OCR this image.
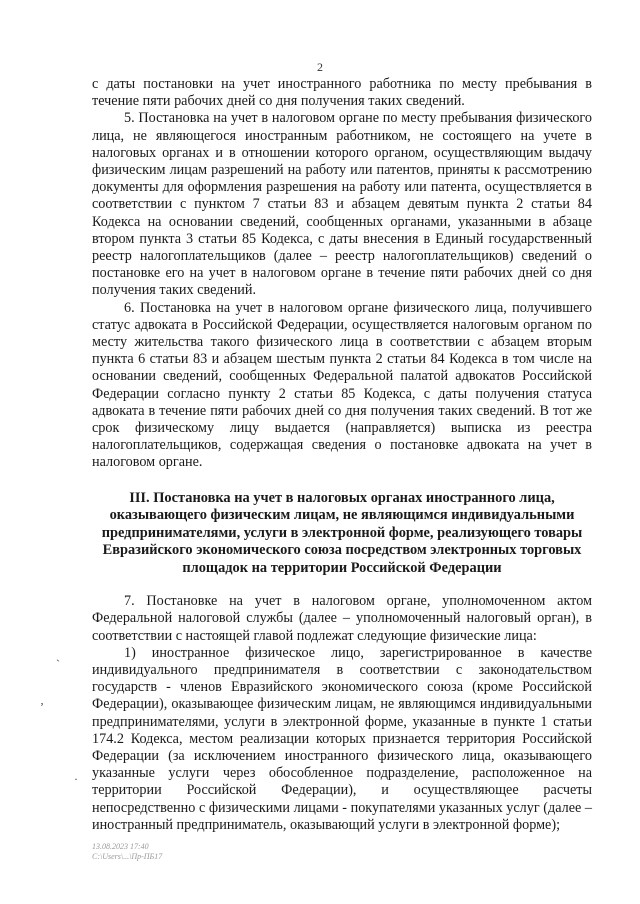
2

с даты постановки на учет иностранного работника по месту пребывания в течение пяти рабочих дней со дня получения таких сведений.

5. Постановка на учет в налоговом органе по месту пребывания физического лица, не являющегося иностранным работником, не состоящего на учете в налоговых органах и в отношении которого органом, осуществляющим выдачу физическим лицам разрешений на работу или патентов, приняты к рассмотрению документы для оформления разрешения на работу или патента, осуществляется в соответствии с пунктом 7 статьи 83 и абзацем девятым пункта 2 статьи 84 Кодекса на основании сведений, сообщенных органами, указанными в абзаце втором пункта 3 статьи 85 Кодекса, с даты внесения в Единый государственный реестр налогоплательщиков (далее – реестр налогоплательщиков) сведений о постановке его на учет в налоговом органе в течение пяти рабочих дней со дня получения таких сведений.

6. Постановка на учет в налоговом органе физического лица, получившего статус адвоката в Российской Федерации, осуществляется налоговым органом по месту жительства такого физического лица в соответствии с абзацем вторым пункта 6 статьи 83 и абзацем шестым пункта 2 статьи 84 Кодекса в том числе на основании сведений, сообщенных Федеральной палатой адвокатов Российской Федерации согласно пункту 2 статьи 85 Кодекса, с даты получения статуса адвоката в течение пяти рабочих дней со дня получения таких сведений. В тот же срок физическому лицу выдается (направляется) выписка из реестра налогоплательщиков, содержащая сведения о постановке адвоката на учет в налоговом органе.

III. Постановка на учет в налоговых органах иностранного лица, оказывающего физическим лицам, не являющимся индивидуальными предпринимателями, услуги в электронной форме, реализующего товары Евразийского экономического союза посредством электронных торговых площадок на территории Российской Федерации

7. Постановке на учет в налоговом органе, уполномоченном актом Федеральной налоговой службы (далее – уполномоченный налоговый орган), в соответствии с настоящей главой подлежат следующие физические лица:

1) иностранное физическое лицо, зарегистрированное в качестве индивидуального предпринимателя в соответствии с законодательством государств - членов Евразийского экономического союза (кроме Российской Федерации), оказывающее физическим лицам, не являющимся индивидуальными предпринимателями, услуги в электронной форме, указанные в пункте 1 статьи 174.2 Кодекса, местом реализации которых признается территория Российской Федерации (за исключением иностранного физического лица, оказывающего указанные услуги через обособленное подразделение, расположенное на территории Российской Федерации), и осуществляющее расчеты непосредственно с физическими лицами - покупателями указанных услуг (далее – иностранный предприниматель, оказывающий услуги в электронной форме);

ˎ
ʼ
·
13.08.2023 17:40
С:\Users\...\Пр-ПБ17
